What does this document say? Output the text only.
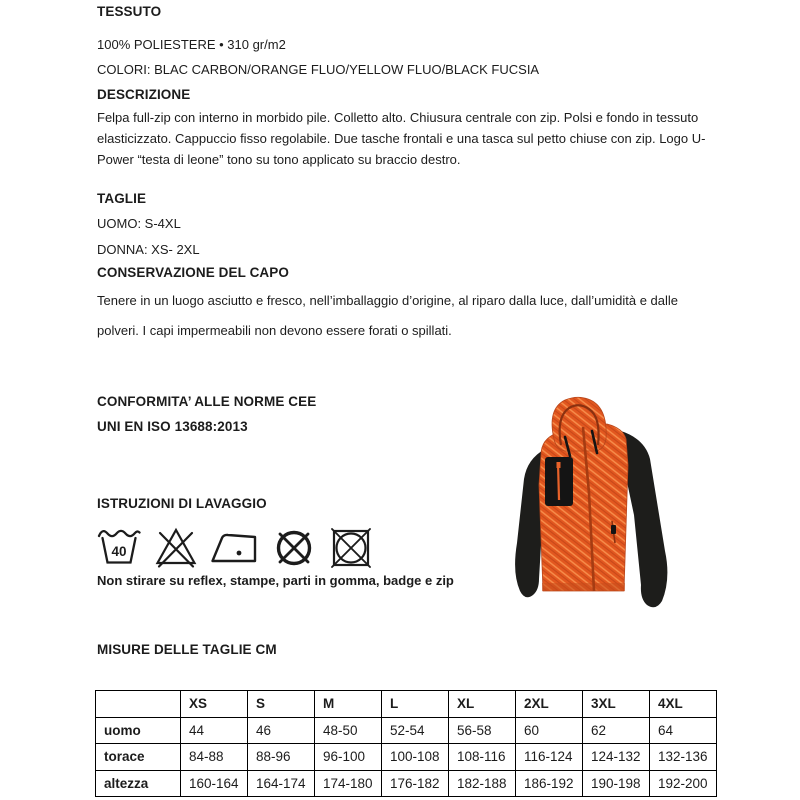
TESSUTO
100% POLIESTERE • 310 gr/m2
COLORI: BLAC CARBON/ORANGE FLUO/YELLOW FLUO/BLACK FUCSIA
DESCRIZIONE
Felpa full-zip con interno in morbido pile. Colletto alto. Chiusura centrale con zip. Polsi e fondo in tessuto elasticizzato. Cappuccio fisso regolabile. Due tasche frontali e una tasca sul petto chiuse con zip. Logo U-Power “testa di leone” tono su tono applicato su braccio destro.
TAGLIE
UOMO: S-4XL
DONNA: XS- 2XL
CONSERVAZIONE DEL CAPO
Tenere in un luogo asciutto e fresco, nell’imballaggio d’origine, al riparo dalla luce, dall’umidità e dalle polveri. I capi impermeabili non devono essere forati o spillati.
CONFORMITA’ ALLE NORME CEE
UNI EN ISO 13688:2013
ISTRUZIONI DI LAVAGGIO
40
Non stirare su reflex, stampe, parti in gomma, badge e zip
MISURE DELLE TAGLIE CM
	XS	S	M	L	XL	2XL	3XL	4XL
uomo	44	46	48-50	52-54	56-58	60	62	64
torace	84-88	88-96	96-100	100-108	108-116	116-124	124-132	132-136
altezza	160-164	164-174	174-180	176-182	182-188	186-192	190-198	192-200
